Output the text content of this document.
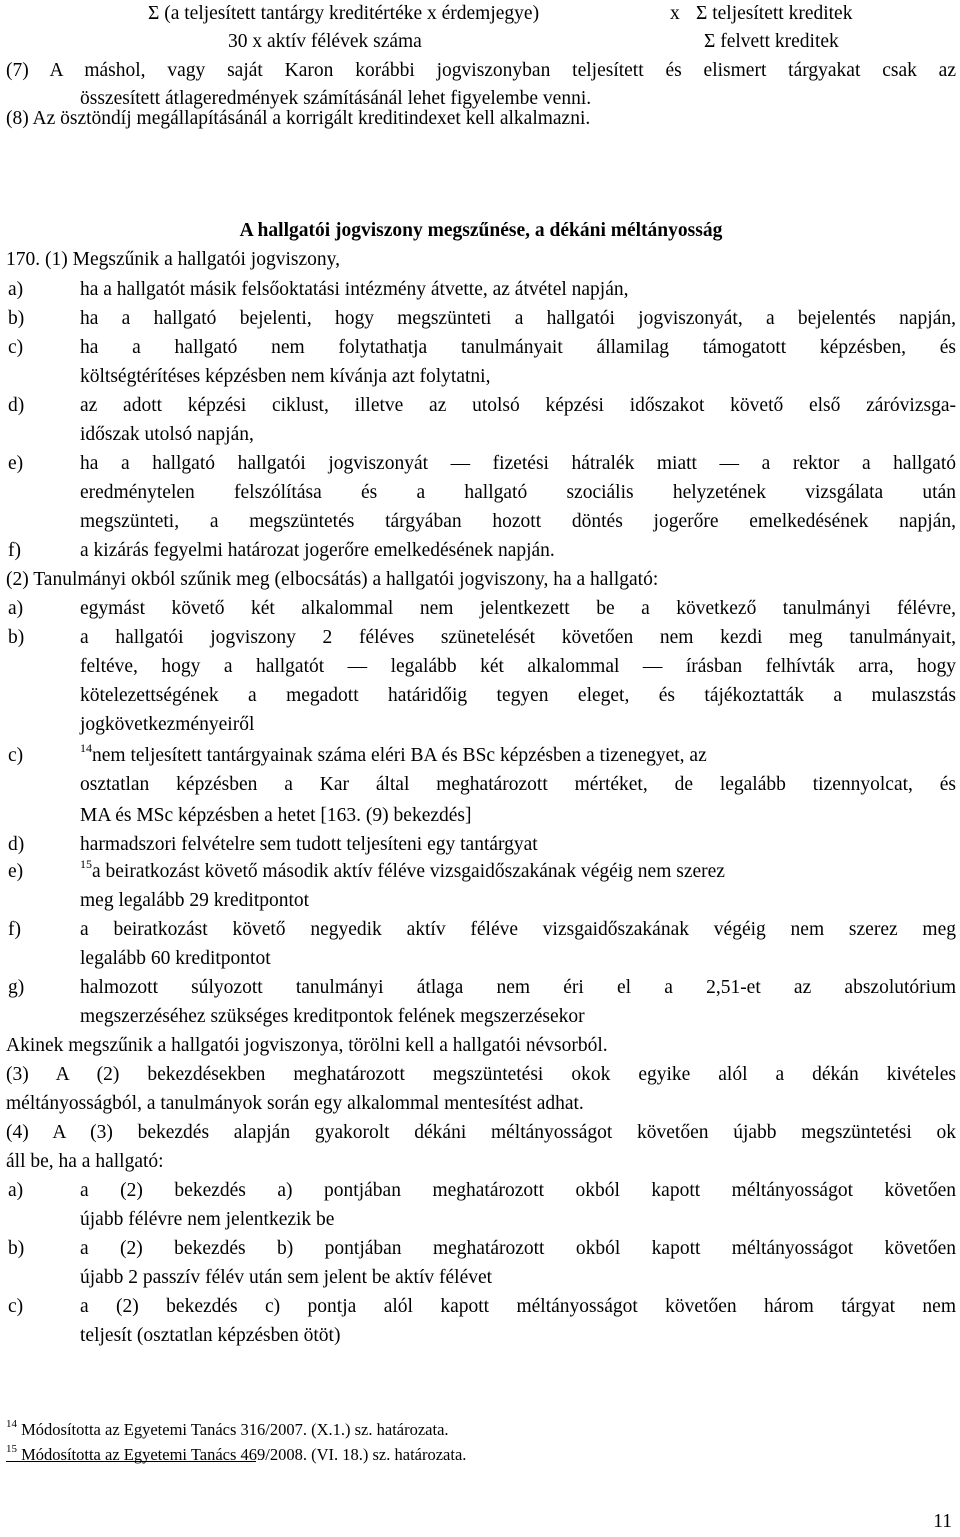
Σ (a teljesített tantárgy kreditértéke x érdemjegye)	x Σ teljesített kreditek
30 x aktív félévek száma	Σ felvett kreditek
(7) A máshol, vagy saját Karon korábbi jogviszonyban teljesített és elismert tárgyakat csak az
összesített átlageredmények számításánál lehet figyelembe venni.
(8) Az ösztöndíj megállapításánál a korrigált kreditindexet kell alkalmazni.
A hallgatói jogviszony megszűnése, a dékáni méltányosság
170. (1) Megszűnik a hallgatói jogviszony,
a)	ha a hallgatót másik felsőoktatási intézmény átvette, az átvétel napján,
b)	ha a hallgató bejelenti, hogy megszünteti a hallgatói jogviszonyát, a bejelentés napján,
c)	ha a hallgató nem folytathatja tanulmányait államilag támogatott képzésben, és
költségtérítéses képzésben nem kívánja azt folytatni,
d)	az adott képzési ciklust, illetve az utolsó képzési időszakot követő első záróvizsga-
időszak utolsó napján,
e)	ha a hallgató hallgatói jogviszonyát — fizetési hátralék miatt — a rektor a hallgató
eredménytelen felszólítása és a hallgató szociális helyzetének vizsgálata után
megszünteti, a megszüntetés tárgyában hozott döntés jogerőre emelkedésének napján,
f)	a kizárás fegyelmi határozat jogerőre emelkedésének napján.
(2) Tanulmányi okból szűnik meg (elbocsátás) a hallgatói jogviszony, ha a hallgató:
a)	egymást követő két alkalommal nem jelentkezett be a következő tanulmányi félévre,
b)	a hallgatói jogviszony 2 féléves szünetelését követően nem kezdi meg tanulmányait,
feltéve, hogy a hallgatót — legalább két alkalommal — írásban felhívták arra, hogy
kötelezettségének a megadott határidőig tegyen eleget, és tájékoztatták a mulaszstás
jogkövetkezményeiről
c)	$^{14}$nem teljesített tantárgyainak száma eléri BA és BSc képzésben a tizenegyet, az
osztatlan képzésben a Kar által meghatározott mértéket, de legalább tizennyolcat, és
MA és MSc képzésben a hetet [163. (9) bekezdés]
d)	harmadszori felvételre sem tudott teljesíteni egy tantárgyat
e)	$^{15}$a beiratkozást követő második aktív féléve vizsgaidőszakának végéig nem szerez
meg legalább 29 kreditpontot
f)	a beiratkozást követő negyedik aktív féléve vizsgaidőszakának végéig nem szerez meg
legalább 60 kreditpontot
g)	halmozott súlyozott tanulmányi átlaga nem éri el a 2,51-et az abszolutórium
megszerzéséhez szükséges kreditpontok felének megszerzésekor
Akinek megszűnik a hallgatói jogviszonya, törölni kell a hallgatói névsorból.
(3) A (2) bekezdésekben meghatározott megszüntetési okok egyike alól a dékán kivételes
méltányosságból, a tanulmányok során egy alkalommal mentesítést adhat.
(4) A (3) bekezdés alapján gyakorolt dékáni méltányosságot követően újabb megszüntetési ok
áll be, ha a hallgató:
a)	a (2) bekezdés a) pontjában meghatározott okból kapott méltányosságot követően
újabb félévre nem jelentkezik be
b)	a (2) bekezdés b) pontjában meghatározott okból kapott méltányosságot követően
újabb 2 passzív félév után sem jelent be aktív félévet
c)	a (2) bekezdés c) pontja alól kapott méltányosságot követően három tárgyat nem
teljesít (osztatlan képzésben ötöt)
$^{14}$ Módosította az Egyetemi Tanács 316/2007. (X.1.) sz. határozata.
$^{15}$ Módosította az Egyetemi Tanács 469/2008. (VI. 18.) sz. határozata.
11
